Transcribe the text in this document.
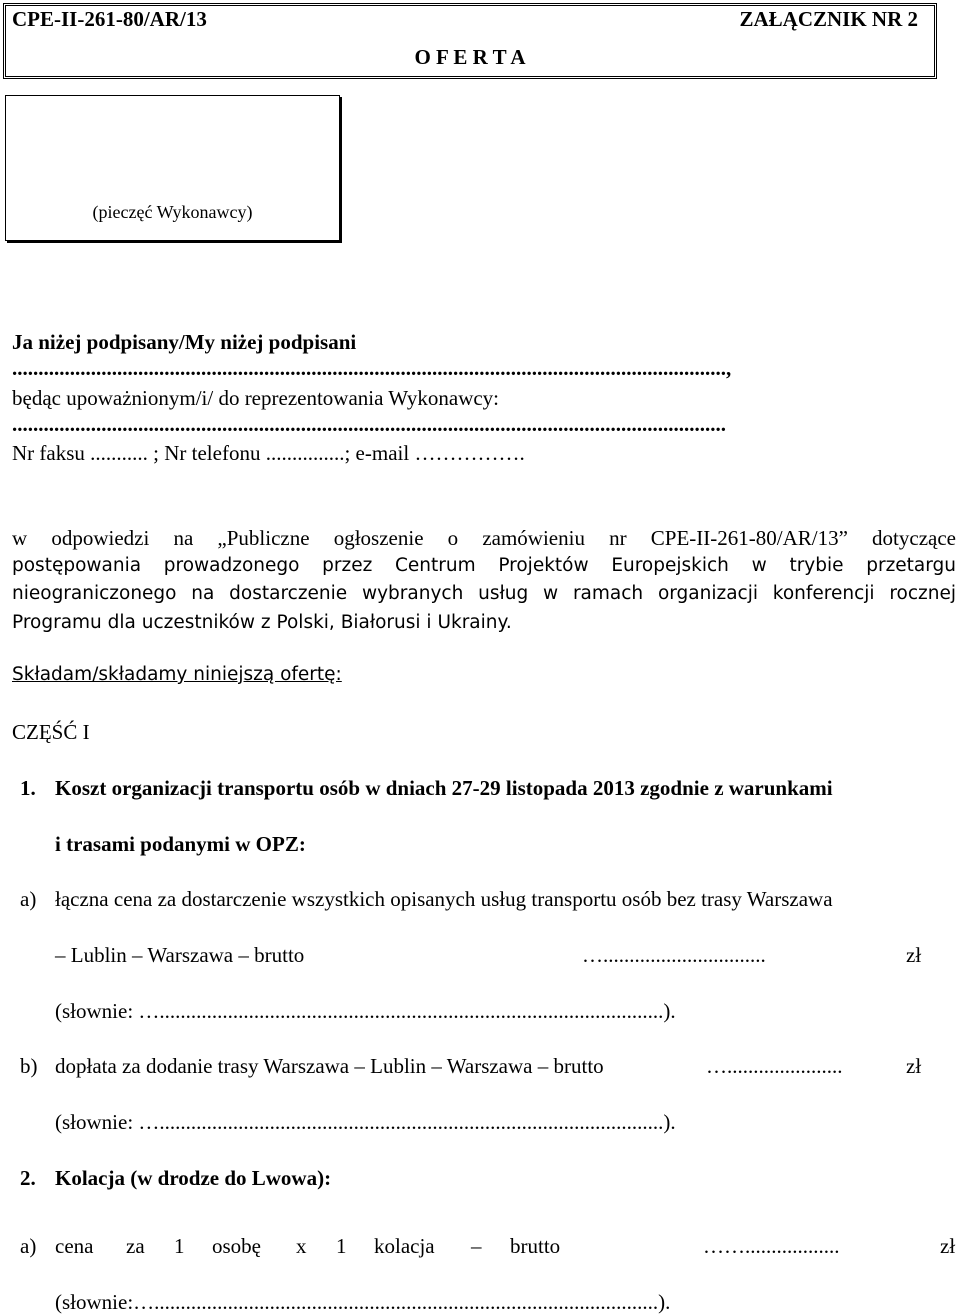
CPE-II-261-80/AR/13	ZAŁĄCZNIK NR 2
O F E R T A
(pieczęć Wykonawcy)
Ja niżej podpisany/My niżej podpisani
........................................................................................................................................,
będąc upoważnionym/i/ do reprezentowania Wykonawcy:
........................................................................................................................................
Nr faksu ........... ; Nr telefonu ...............; e-mail …………….
w odpowiedzi na „Publiczne ogłoszenie o zamówieniu nr CPE-II-261-80/AR/13” dotyczące
postępowania prowadzonego przez Centrum Projektów Europejskich w trybie przetargu
nieograniczonego na dostarczenie wybranych usług w ramach organizacji konferencji rocznej
Programu dla uczestników z Polski, Białorusi i Ukrainy.
Składam/składamy niniejszą ofertę:
CZĘŚĆ I
1. Koszt organizacji transportu osób w dniach 27-29 listopada 2013 zgodnie z warunkami
i trasami podanymi w OPZ:
a) łączna cena za dostarczenie wszystkich opisanych usług transportu osób bez trasy Warszawa
– Lublin – Warszawa – brutto	…...............................	zł
(słownie: …................................................................................................).
b) dopłata za dodanie trasy Warszawa – Lublin – Warszawa – brutto	…......................	zł
(słownie: …................................................................................................).
2. Kolacja (w drodze do Lwowa):
a) cena za 1 osobę x 1 kolacja – brutto	……..................	zł
(słownie:…................................................................................................).
